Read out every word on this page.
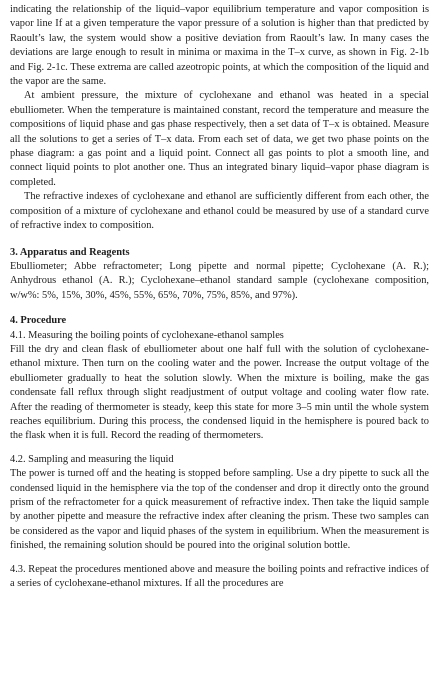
indicating the relationship of the liquid–vapor equilibrium temperature and vapor composition is vapor line If at a given temperature the vapor pressure of a solution is higher than that predicted by Raoult’s law, the system would show a positive deviation from Raoult’s law. In many cases the deviations are large enough to result in minima or maxima in the T–x curve, as shown in Fig. 2-1b and Fig. 2-1c. These extrema are called azeotropic points, at which the composition of the liquid and the vapor are the same.

At ambient pressure, the mixture of cyclohexane and ethanol was heated in a special ebulliometer. When the temperature is maintained constant, record the temperature and measure the compositions of liquid phase and gas phase respectively, then a set data of T–x is obtained. Measure all the solutions to get a series of T–x data. From each set of data, we get two phase points on the phase diagram: a gas point and a liquid point. Connect all gas points to plot a smooth line, and connect liquid points to plot another one. Thus an integrated binary liquid–vapor phase diagram is completed.

The refractive indexes of cyclohexane and ethanol are sufficiently different from each other, the composition of a mixture of cyclohexane and ethanol could be measured by use of a standard curve of refractive index to composition.

3. Apparatus and Reagents

Ebulliometer; Abbe refractometer; Long pipette and normal pipette; Cyclohexane (A. R.); Anhydrous ethanol (A. R.); Cyclohexane–ethanol standard sample (cyclohexane composition, w/w%: 5%, 15%, 30%, 45%, 55%, 65%, 70%, 75%, 85%, and 97%).

4. Procedure

4.1. Measuring the boiling points of cyclohexane-ethanol samples

Fill the dry and clean flask of ebulliometer about one half full with the solution of cyclohexane-ethanol mixture. Then turn on the cooling water and the power. Increase the output voltage of the ebulliometer gradually to heat the solution slowly. When the mixture is boiling, make the gas condensate fall reflux through slight readjustment of output voltage and cooling water flow rate. After the reading of thermometer is steady, keep this state for more 3–5 min until the whole system reaches equilibrium. During this process, the condensed liquid in the hemisphere is poured back to the flask when it is full. Record the reading of thermometers.

4.2. Sampling and measuring the liquid

The power is turned off and the heating is stopped before sampling. Use a dry pipette to suck all the condensed liquid in the hemisphere via the top of the condenser and drop it directly onto the ground prism of the refractometer for a quick measurement of refractive index. Then take the liquid sample by another pipette and measure the refractive index after cleaning the prism. These two samples can be considered as the vapor and liquid phases of the system in equilibrium. When the measurement is finished, the remaining solution should be poured into the original solution bottle.

4.3. Repeat the procedures mentioned above and measure the boiling points and refractive indices of a series of cyclohexane-ethanol mixtures. If all the procedures are
